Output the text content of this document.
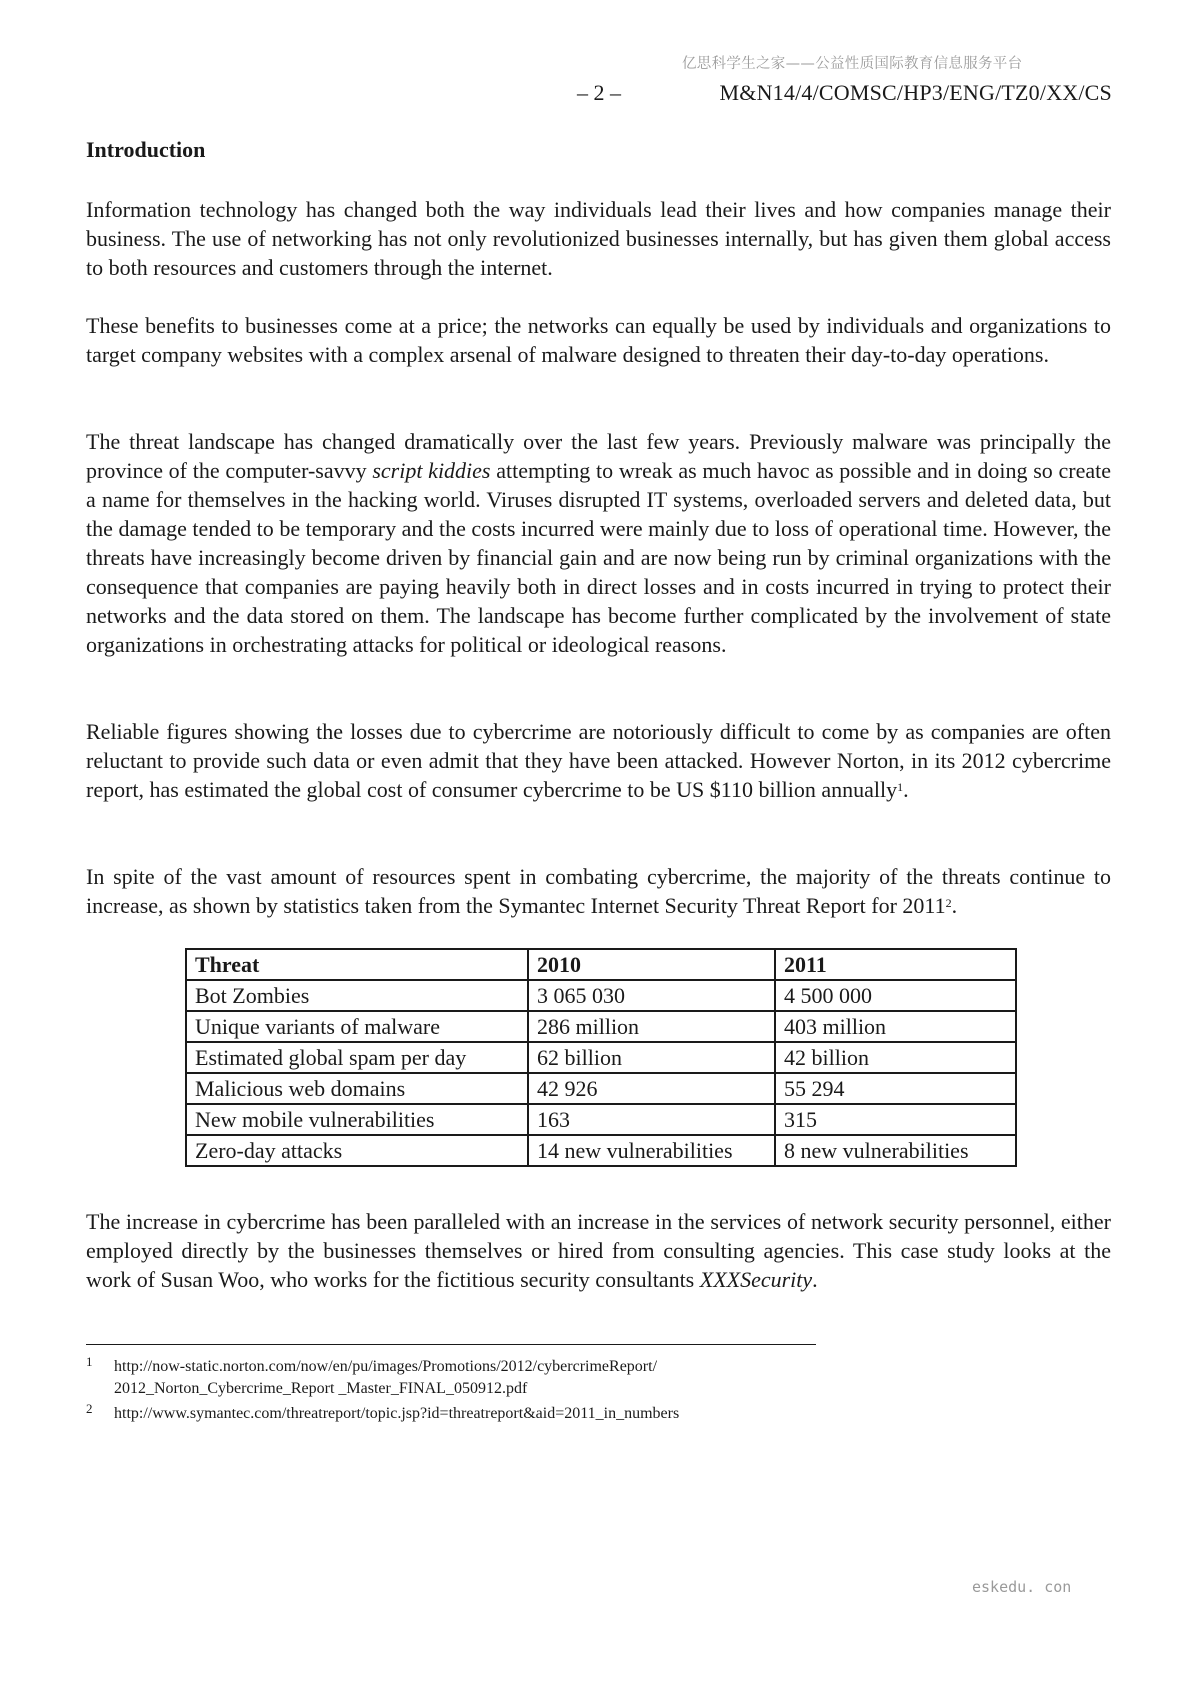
亿思科学生之家——公益性质国际教育信息服务平台
– 2 –	M&N14/4/COMSC/HP3/ENG/TZ0/XX/CS
Introduction

Information technology has changed both the way individuals lead their lives and how companies manage their business. The use of networking has not only revolutionized businesses internally, but has given them global access to both resources and customers through the internet.

These benefits to businesses come at a price; the networks can equally be used by individuals and organizations to target company websites with a complex arsenal of malware designed to threaten their day-to-day operations.

The threat landscape has changed dramatically over the last few years. Previously malware was principally the province of the computer-savvy script kiddies attempting to wreak as much havoc as possible and in doing so create a name for themselves in the hacking world. Viruses disrupted IT systems, overloaded servers and deleted data, but the damage tended to be temporary and the costs incurred were mainly due to loss of operational time. However, the threats have increasingly become driven by financial gain and are now being run by criminal organizations with the consequence that companies are paying heavily both in direct losses and in costs incurred in trying to protect their networks and the data stored on them. The landscape has become further complicated by the involvement of state organizations in orchestrating attacks for political or ideological reasons.

Reliable figures showing the losses due to cybercrime are notoriously difficult to come by as companies are often reluctant to provide such data or even admit that they have been attacked. However Norton, in its 2012 cybercrime report, has estimated the global cost of consumer cybercrime to be US $110 billion annually$^1$.

In spite of the vast amount of resources spent in combating cybercrime, the majority of the threats continue to increase, as shown by statistics taken from the Symantec Internet Security Threat Report for 2011$^2$.

Threat	2010	2011
Bot Zombies	3 065 030	4 500 000
Unique variants of malware	286 million	403 million
Estimated global spam per day	62 billion	42 billion
Malicious web domains	42 926	55 294
New mobile vulnerabilities	163	315
Zero-day attacks	14 new vulnerabilities	8 new vulnerabilities

The increase in cybercrime has been paralleled with an increase in the services of network security personnel, either employed directly by the businesses themselves or hired from consulting agencies. This case study looks at the work of Susan Woo, who works for the fictitious security consultants XXXSecurity.

1 http://now-static.norton.com/now/en/pu/images/Promotions/2012/cybercrimeReport/
2012_Norton_Cybercrime_Report _Master_FINAL_050912.pdf
2 http://www.symantec.com/threatreport/topic.jsp?id=threatreport&aid=2011_in_numbers
eskedu. con
